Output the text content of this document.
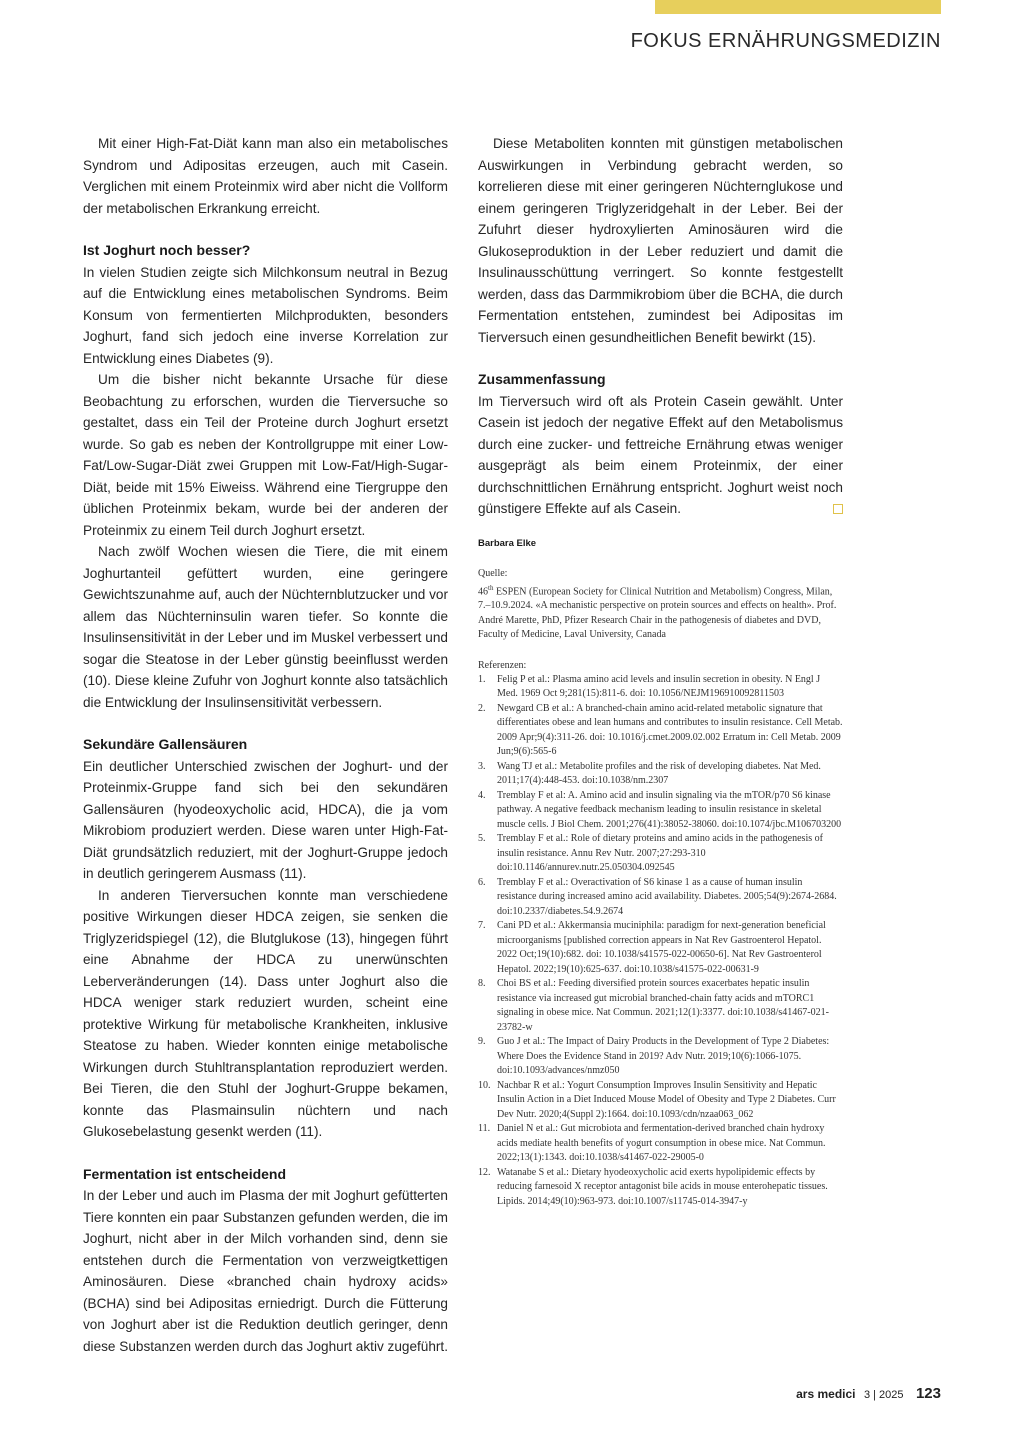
FOKUS ERNÄHRUNGSMEDIZIN

Mit einer High-Fat-Diät kann man also ein metabolisches Syndrom und Adipositas erzeugen, auch mit Casein. Verglichen mit einem Proteinmix wird aber nicht die Vollform der metabolischen Erkrankung erreicht.

Ist Joghurt noch besser?

In vielen Studien zeigte sich Milchkonsum neutral in Bezug auf die Entwicklung eines metabolischen Syndroms. Beim Konsum von fermentierten Milchprodukten, besonders Joghurt, fand sich jedoch eine inverse Korrelation zur Entwicklung eines Diabetes (9).

Um die bisher nicht bekannte Ursache für diese Beobachtung zu erforschen, wurden die Tierversuche so gestaltet, dass ein Teil der Proteine durch Joghurt ersetzt wurde. So gab es neben der Kontrollgruppe mit einer Low-Fat/Low-Sugar-Diät zwei Gruppen mit Low-Fat/High-Sugar-Diät, beide mit 15% Eiweiss. Während eine Tiergruppe den üblichen Proteinmix bekam, wurde bei der anderen der Proteinmix zu einem Teil durch Joghurt ersetzt.

Nach zwölf Wochen wiesen die Tiere, die mit einem Joghurtanteil gefüttert wurden, eine geringere Gewichtszunahme auf, auch der Nüchternblutzucker und vor allem das Nüchterninsulin waren tiefer. So konnte die Insulinsensitivität in der Leber und im Muskel verbessert und sogar die Steatose in der Leber günstig beeinflusst werden (10). Diese kleine Zufuhr von Joghurt konnte also tatsächlich die Entwicklung der Insulinsensitivität verbessern.

Sekundäre Gallensäuren

Ein deutlicher Unterschied zwischen der Joghurt- und der Proteinmix-Gruppe fand sich bei den sekundären Gallensäuren (hyodeoxycholic acid, HDCA), die ja vom Mikrobiom produziert werden. Diese waren unter High-Fat-Diät grundsätzlich reduziert, mit der Joghurt-Gruppe jedoch in deutlich geringerem Ausmass (11).

In anderen Tierversuchen konnte man verschiedene positive Wirkungen dieser HDCA zeigen, sie senken die Triglyzeridspiegel (12), die Blutglukose (13), hingegen führt eine Abnahme der HDCA zu unerwünschten Leberveränderungen (14). Dass unter Joghurt also die HDCA weniger stark reduziert wurden, scheint eine protektive Wirkung für metabolische Krankheiten, inklusive Steatose zu haben. Wieder konnten einige metabolische Wirkungen durch Stuhltransplantation reproduziert werden. Bei Tieren, die den Stuhl der Joghurt-Gruppe bekamen, konnte das Plasmainsulin nüchtern und nach Glukosebelastung gesenkt werden (11).

Fermentation ist entscheidend

In der Leber und auch im Plasma der mit Joghurt gefütterten Tiere konnten ein paar Substanzen gefunden werden, die im Joghurt, nicht aber in der Milch vorhanden sind, denn sie entstehen durch die Fermentation von verzweigtkettigen Aminosäuren. Diese «branched chain hydroxy acids» (BCHA) sind bei Adipositas erniedrigt. Durch die Fütterung von Joghurt aber ist die Reduktion deutlich geringer, denn diese Substanzen werden durch das Joghurt aktiv zugeführt.

Diese Metaboliten konnten mit günstigen metabolischen Auswirkungen in Verbindung gebracht werden, so korrelieren diese mit einer geringeren Nüchternglukose und einem geringeren Triglyzeridgehalt in der Leber. Bei der Zufuhrt dieser hydroxylierten Aminosäuren wird die Glukoseproduktion in der Leber reduziert und damit die Insulinausschüttung verringert. So konnte festgestellt werden, dass das Darmmikrobiom über die BCHA, die durch Fermentation entstehen, zumindest bei Adipositas im Tierversuch einen gesundheitlichen Benefit bewirkt (15).

Zusammenfassung

Im Tierversuch wird oft als Protein Casein gewählt. Unter Casein ist jedoch der negative Effekt auf den Metabolismus durch eine zucker- und fettreiche Ernährung etwas weniger ausgeprägt als beim einem Proteinmix, der einer durchschnittlichen Ernährung entspricht. Joghurt weist noch günstigere Effekte auf als Casein.

Barbara Elke
Quelle:
46th ESPEN (European Society for Clinical Nutrition and Metabolism) Congress, Milan, 7.–10.9.2024. «A mechanistic perspective on protein sources and effects on health». Prof. André Marette, PhD, Pfizer Research Chair in the pathogenesis of diabetes and DVD, Faculty of Medicine, Laval University, Canada
Referenzen:
1.	Felig P et al.: Plasma amino acid levels and insulin secretion in obesity. N Engl J Med. 1969 Oct 9;281(15):811-6. doi: 10.1056/NEJM196910092811503
2.	Newgard CB et al.: A branched-chain amino acid-related metabolic signature that differentiates obese and lean humans and contributes to insulin resistance. Cell Metab. 2009 Apr;9(4):311-26. doi: 10.1016/j.cmet.2009.02.002 Erratum in: Cell Metab. 2009 Jun;9(6):565-6
3.	Wang TJ et al.: Metabolite profiles and the risk of developing diabetes. Nat Med. 2011;17(4):448-453. doi:10.1038/nm.2307
4.	Tremblay F et al: A. Amino acid and insulin signaling via the mTOR/p70 S6 kinase pathway. A negative feedback mechanism leading to insulin resistance in skeletal muscle cells. J Biol Chem. 2001;276(41):38052-38060. doi:10.1074/jbc.M106703200
5.	Tremblay F et al.: Role of dietary proteins and amino acids in the pathogenesis of insulin resistance. Annu Rev Nutr. 2007;27:293-310 doi:10.1146/annurev.nutr.25.050304.092545
6.	Tremblay F et al.: Overactivation of S6 kinase 1 as a cause of human insulin resistance during increased amino acid availability. Diabetes. 2005;54(9):2674-2684. doi:10.2337/diabetes.54.9.2674
7.	Cani PD et al.: Akkermansia muciniphila: paradigm for next-generation beneficial microorganisms [published correction appears in Nat Rev Gastroenterol Hepatol. 2022 Oct;19(10):682. doi: 10.1038/s41575-022-00650-6]. Nat Rev Gastroenterol Hepatol. 2022;19(10):625-637. doi:10.1038/s41575-022-00631-9
8.	Choi BS et al.: Feeding diversified protein sources exacerbates hepatic insulin resistance via increased gut microbial branched-chain fatty acids and mTORC1 signaling in obese mice. Nat Commun. 2021;12(1):3377. doi:10.1038/s41467-021-23782-w
9.	Guo J et al.: The Impact of Dairy Products in the Development of Type 2 Diabetes: Where Does the Evidence Stand in 2019? Adv Nutr. 2019;10(6):1066-1075. doi:10.1093/advances/nmz050
10. Nachbar R et al.: Yogurt Consumption Improves Insulin Sensitivity and Hepatic Insulin Action in a Diet Induced Mouse Model of Obesity and Type 2 Diabetes. Curr Dev Nutr. 2020;4(Suppl 2):1664. doi:10.1093/cdn/nzaa063_062
11. Daniel N et al.: Gut microbiota and fermentation-derived branched chain hydroxy acids mediate health benefits of yogurt consumption in obese mice. Nat Commun. 2022;13(1):1343. doi:10.1038/s41467-022-29005-0
12. Watanabe S et al.: Dietary hyodeoxycholic acid exerts hypolipidemic effects by reducing farnesoid X receptor antagonist bile acids in mouse enterohepatic tissues. Lipids. 2014;49(10):963-973. doi:10.1007/s11745-014-3947-y
ars medici 3 | 2025 123
